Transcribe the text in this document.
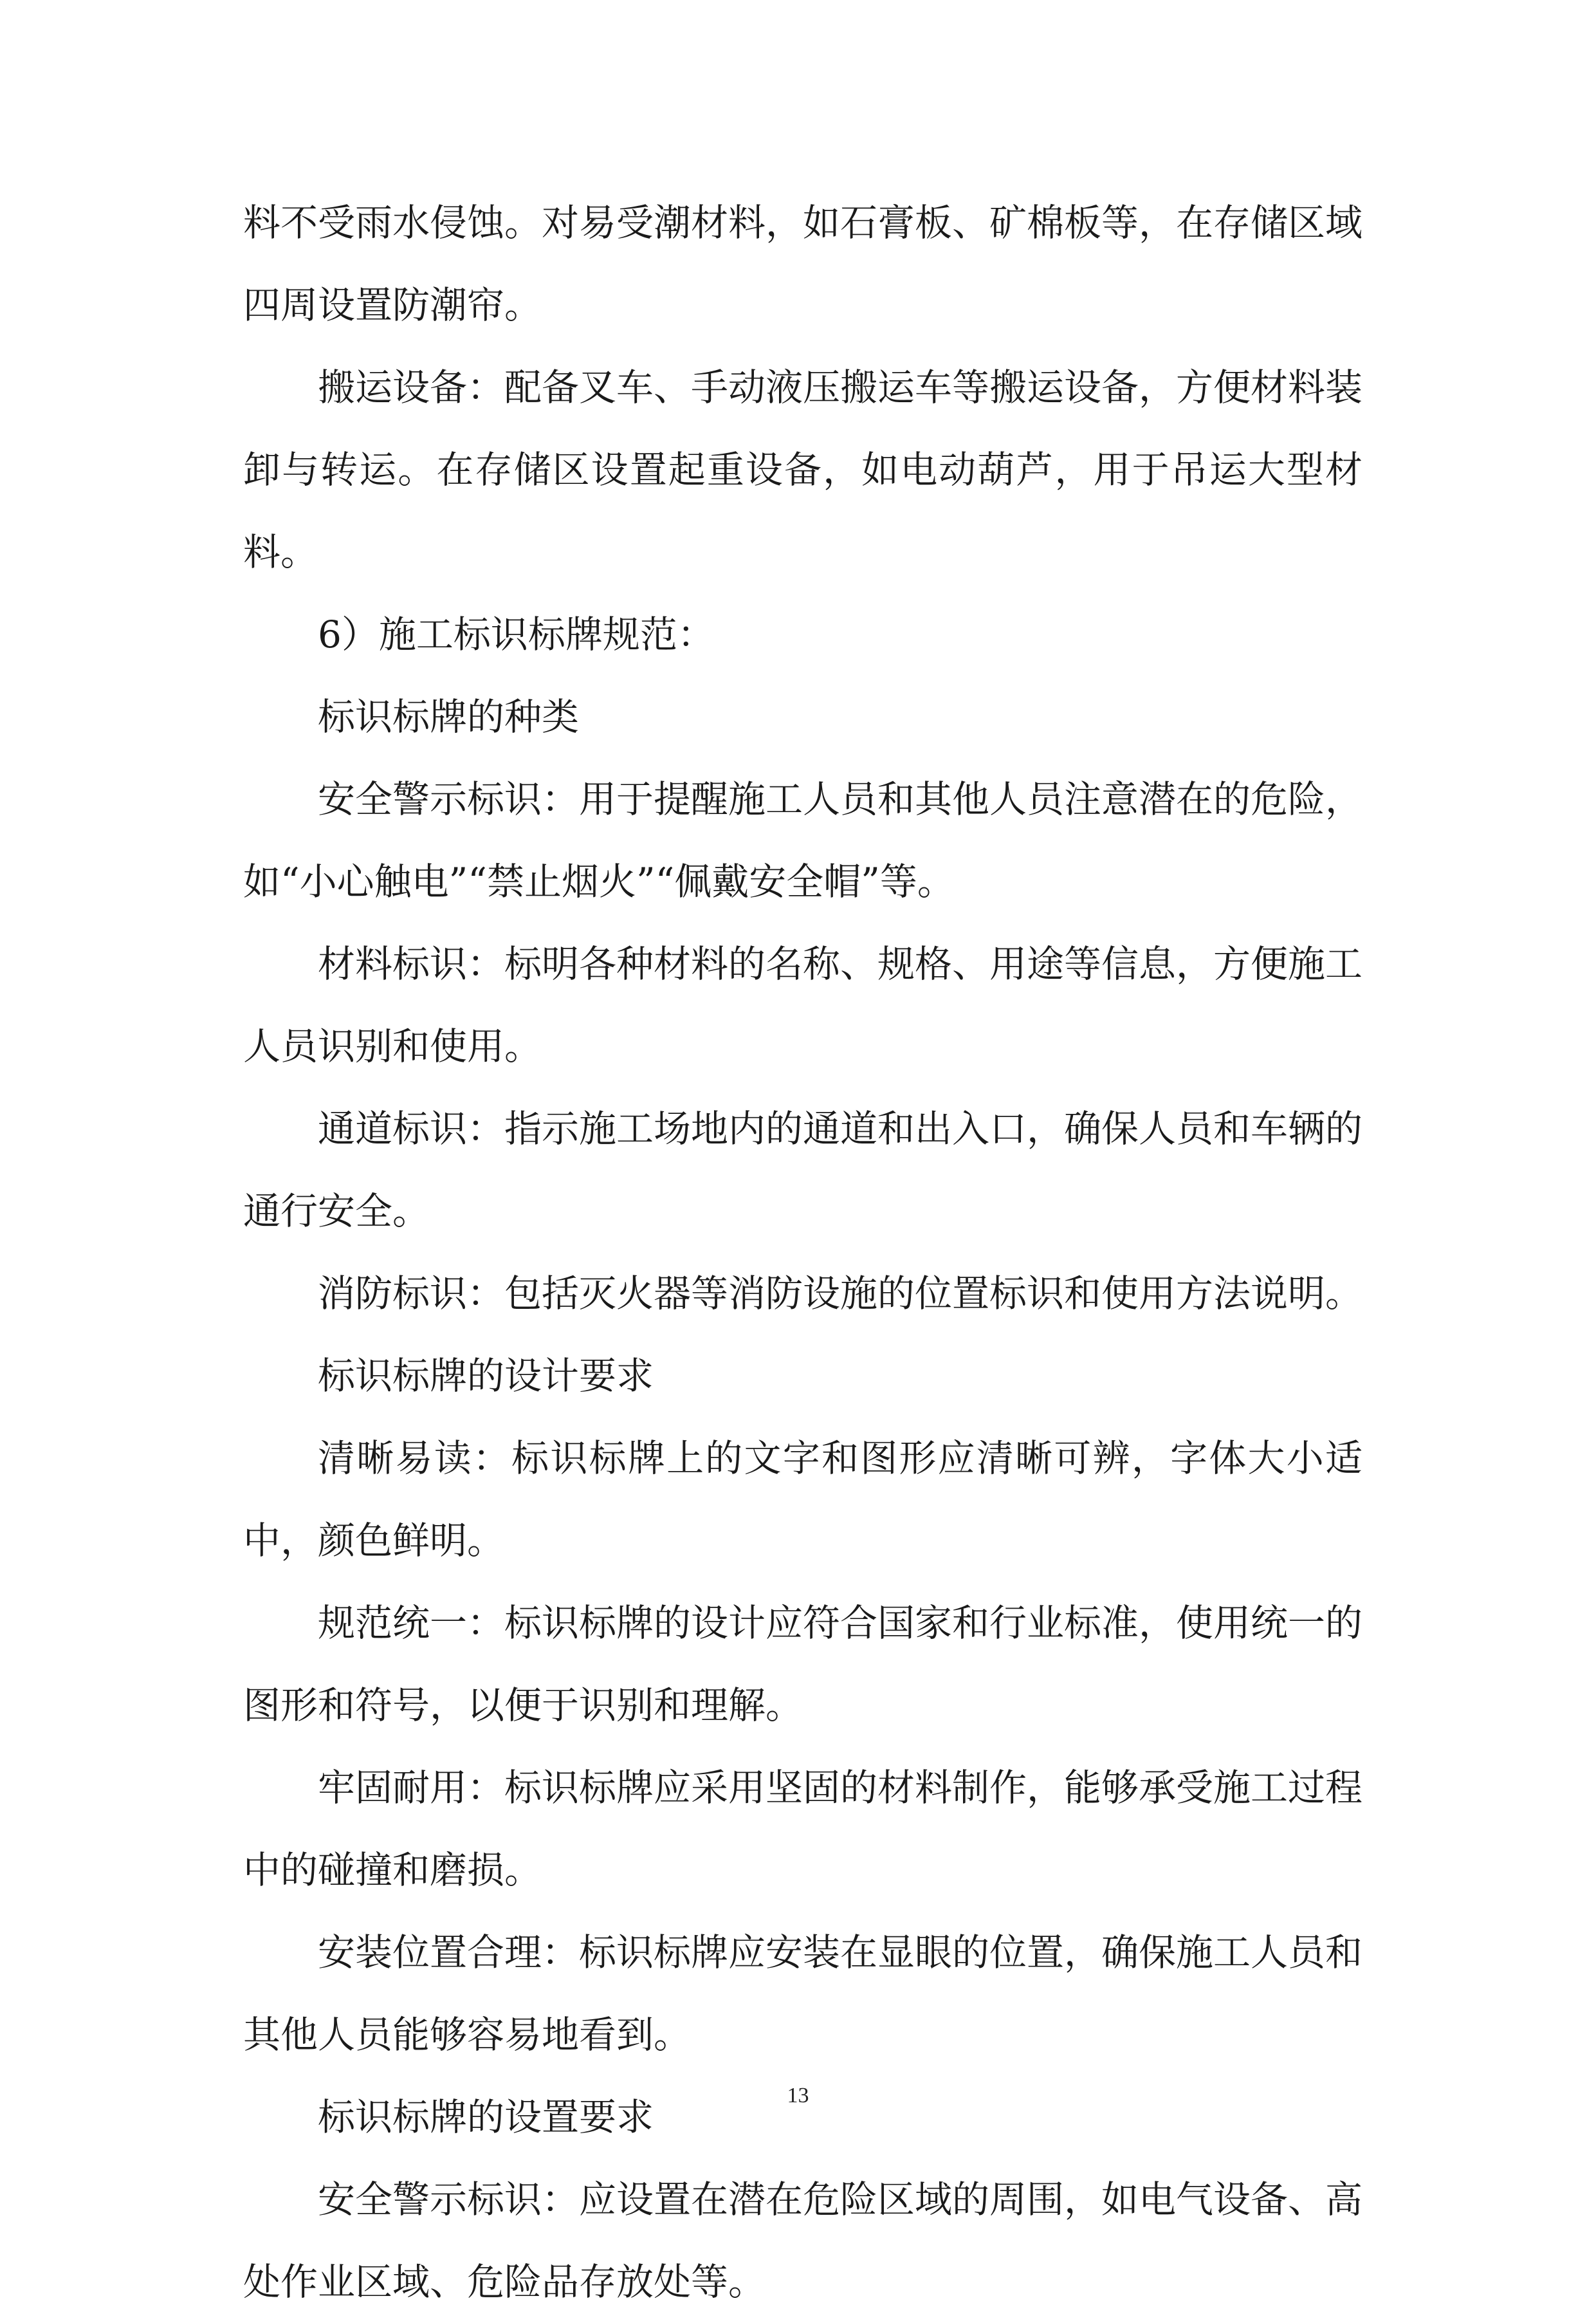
料不受雨水侵蚀。对易受潮材料，如石膏板、矿棉板等，在存储区域四周设置防潮帘。

搬运设备：配备叉车、手动液压搬运车等搬运设备，方便材料装卸与转运。在存储区设置起重设备，如电动葫芦，用于吊运大型材料。

6）施工标识标牌规范：

标识标牌的种类

安全警示标识：用于提醒施工人员和其他人员注意潜在的危险，如“小心触电”“禁止烟火”“佩戴安全帽”等。

材料标识：标明各种材料的名称、规格、用途等信息，方便施工人员识别和使用。

通道标识：指示施工场地内的通道和出入口，确保人员和车辆的通行安全。

消防标识：包括灭火器等消防设施的位置标识和使用方法说明。

标识标牌的设计要求

清晰易读：标识标牌上的文字和图形应清晰可辨，字体大小适中，颜色鲜明。

规范统一：标识标牌的设计应符合国家和行业标准，使用统一的图形和符号，以便于识别和理解。

牢固耐用：标识标牌应采用坚固的材料制作，能够承受施工过程中的碰撞和磨损。

安装位置合理：标识标牌应安装在显眼的位置，确保施工人员和其他人员能够容易地看到。

标识标牌的设置要求

安全警示标识：应设置在潜在危险区域的周围，如电气设备、高处作业区域、危险品存放处等。

13
